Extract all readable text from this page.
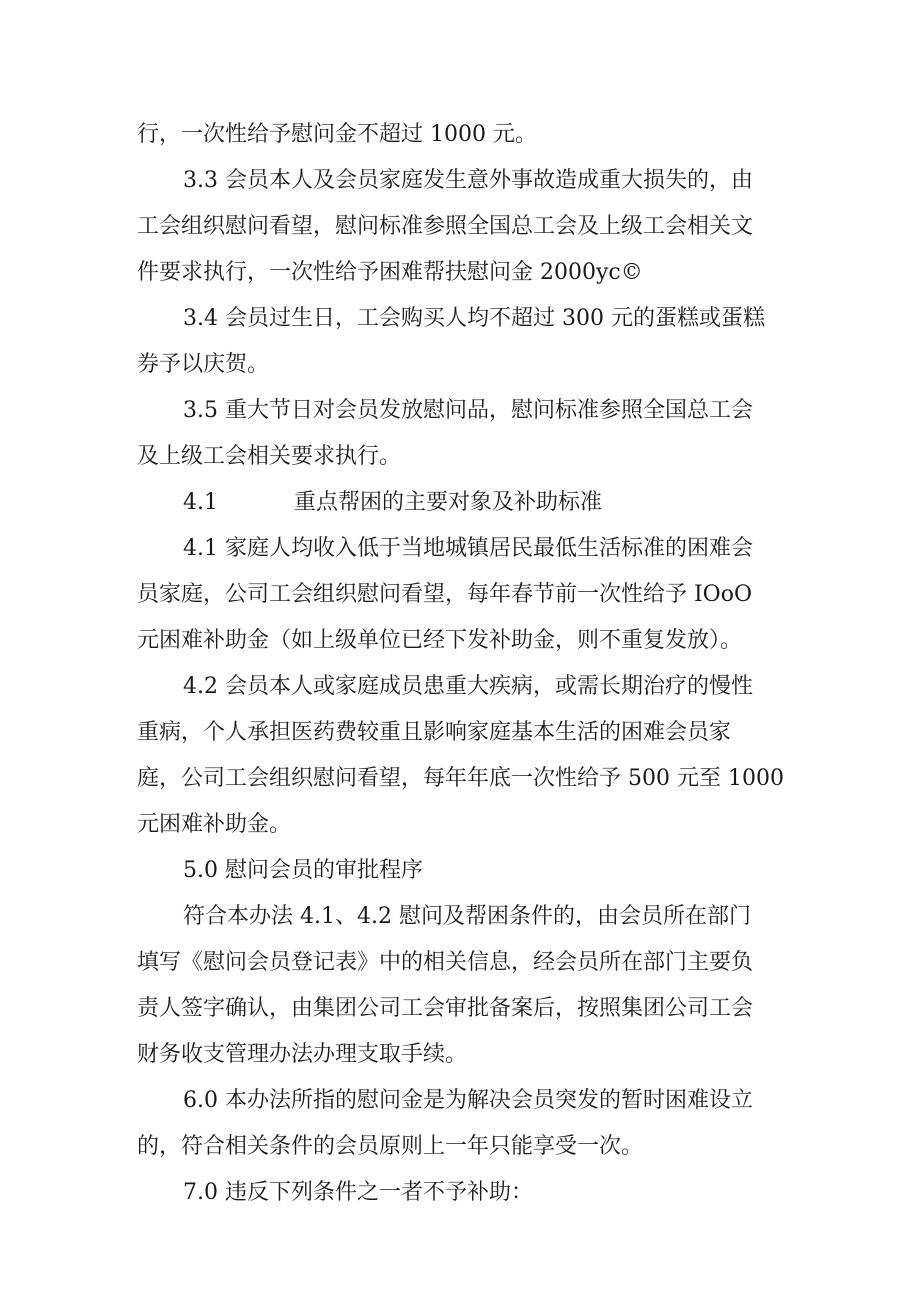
行，一次性给予慰问金不超过 1000 元。
3.3 会员本人及会员家庭发生意外事故造成重大损失的，由
工会组织慰问看望，慰问标准参照全国总工会及上级工会相关文
件要求执行，一次性给予困难帮扶慰问金 2000yc©
3.4 会员过生日，工会购买人均不超过 300 元的蛋糕或蛋糕
券予以庆贺。
3.5 重大节日对会员发放慰问品，慰问标准参照全国总工会
及上级工会相关要求执行。
4.1	重点帮困的主要对象及补助标准
4.1 家庭人均收入低于当地城镇居民最低生活标准的困难会
员家庭，公司工会组织慰问看望，每年春节前一次性给予 IOoO
元困难补助金（如上级单位已经下发补助金，则不重复发放）。
4.2 会员本人或家庭成员患重大疾病，或需长期治疗的慢性
重病，个人承担医药费较重且影响家庭基本生活的困难会员家
庭，公司工会组织慰问看望，每年年底一次性给予 500 元至 1000
元困难补助金。
5.0 慰问会员的审批程序
符合本办法 4.1、4.2 慰问及帮困条件的，由会员所在部门
填写《慰问会员登记表》中的相关信息，经会员所在部门主要负
责人签字确认，由集团公司工会审批备案后，按照集团公司工会
财务收支管理办法办理支取手续。
6.0 本办法所指的慰问金是为解决会员突发的暂时困难设立
的，符合相关条件的会员原则上一年只能享受一次。
7.0 违反下列条件之一者不予补助：
